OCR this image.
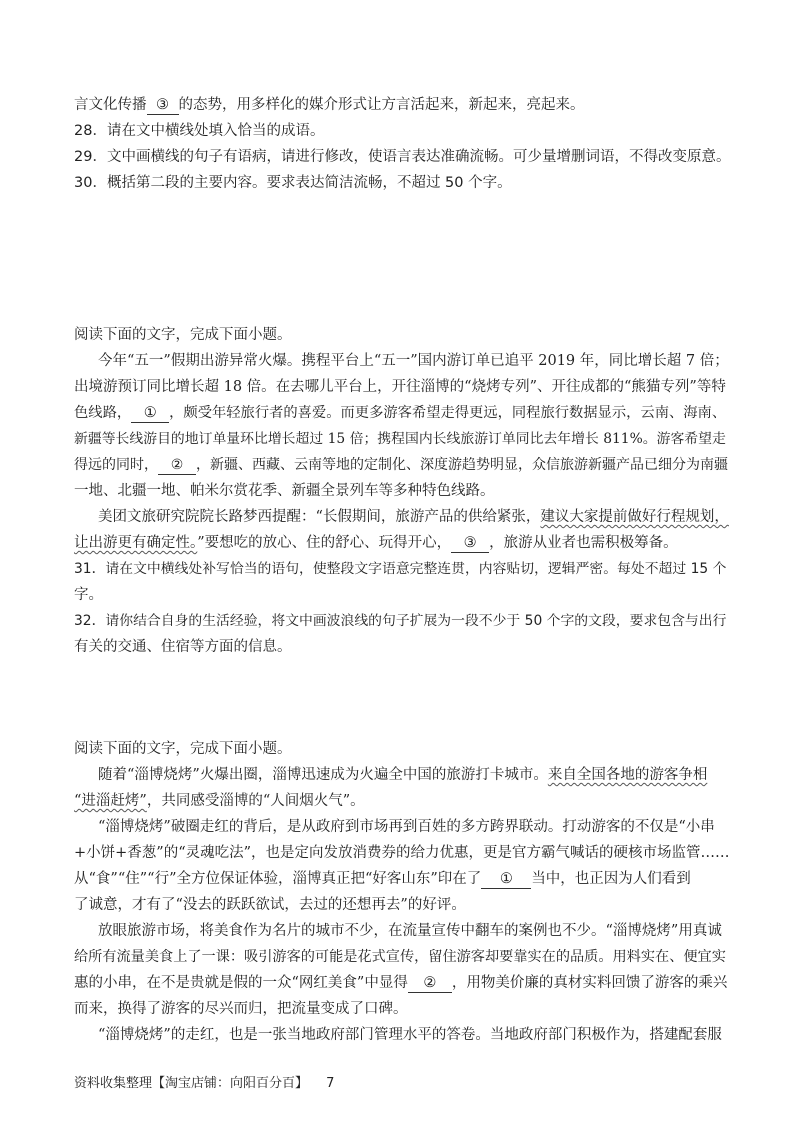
言文化传播 ③ 的态势，用多样化的媒介形式让方言活起来，新起来，亮起来。
28．请在文中横线处填入恰当的成语。
29．文中画横线的句子有语病，请进行修改，使语言表达准确流畅。可少量增删词语，不得改变原意。
30．概括第二段的主要内容。要求表达简洁流畅，不超过 50 个字。
阅读下面的文字，完成下面小题。
今年“五一”假期出游异常火爆。携程平台上“五一”国内游订单已追平 2019 年，同比增长超 7 倍；
出境游预订同比增长超 18 倍。在去哪儿平台上，开往淄博的“烧烤专列”、开往成都的“熊猫专列”等特
色线路， ① ，颇受年轻旅行者的喜爱。而更多游客希望走得更远，同程旅行数据显示，云南、海南、
新疆等长线游目的地订单量环比增长超过 15 倍；携程国内长线旅游订单同比去年增长 811%。游客希望走
得远的同时， ② ，新疆、西藏、云南等地的定制化、深度游趋势明显，众信旅游新疆产品已细分为南疆
一地、北疆一地、帕米尔赏花季、新疆全景列车等多种特色线路。
美团文旅研究院院长路梦西提醒：“长假期间，旅游产品的供给紧张，建议大家提前做好行程规划，
让出游更有确定性。”要想吃的放心、住的舒心、玩得开心， ③ ，旅游从业者也需积极筹备。
31．请在文中横线处补写恰当的语句，使整段文字语意完整连贯，内容贴切，逻辑严密。每处不超过 15 个
字。
32．请你结合自身的生活经验，将文中画波浪线的句子扩展为一段不少于 50 个字的文段，要求包含与出行
有关的交通、住宿等方面的信息。
阅读下面的文字，完成下面小题。
随着“淄博烧烤”火爆出圈，淄博迅速成为火遍全中国的旅游打卡城市。来自全国各地的游客争相
“进淄赶烤”，共同感受淄博的“人间烟火气”。
“淄博烧烤”破圈走红的背后，是从政府到市场再到百姓的多方跨界联动。打动游客的不仅是“小串
+小饼+香葱”的“灵魂吃法”，也是定向发放消费券的给力优惠，更是官方霸气喊话的硬核市场监管……
从“食”“住”“行”全方位保证体验，淄博真正把“好客山东”印在了 ① 当中，也正因为人们看到
了诚意，才有了“没去的跃跃欲试，去过的还想再去”的好评。
放眼旅游市场，将美食作为名片的城市不少，在流量宣传中翻车的案例也不少。“淄博烧烤”用真诚
给所有流量美食上了一课：吸引游客的可能是花式宣传，留住游客却要靠实在的品质。用料实在、便宜实
惠的小串，在不是贵就是假的一众“网红美食”中显得 ② ，用物美价廉的真材实料回馈了游客的乘兴
而来，换得了游客的尽兴而归，把流量变成了口碑。
“淄博烧烤”的走红，也是一张当地政府部门管理水平的答卷。当地政府部门积极作为，搭建配套服
资料收集整理【淘宝店铺：向阳百分百】 7
